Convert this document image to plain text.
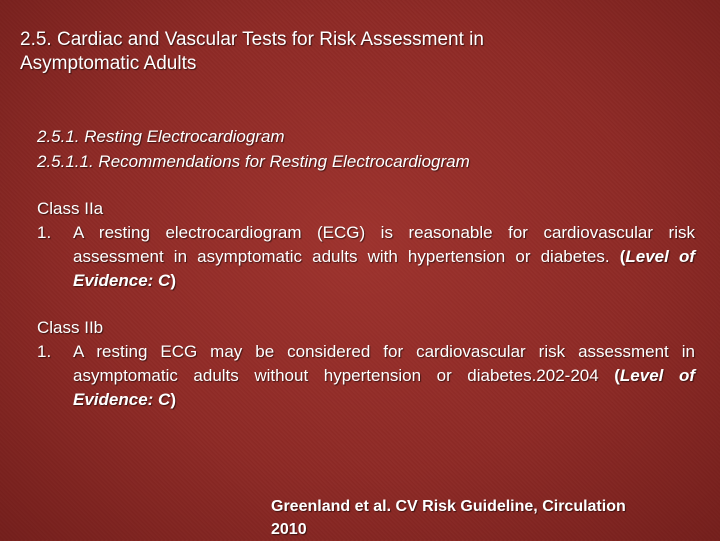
2.5. Cardiac and Vascular Tests for Risk Assessment in
Asymptomatic Adults
2.5.1. Resting Electrocardiogram
2.5.1.1. Recommendations for Resting Electrocardiogram
Class IIa
1.	A resting electrocardiogram (ECG) is reasonable for cardiovascular risk assessment in asymptomatic adults with hypertension or diabetes. (Level of Evidence: C)
Class IIb
1.	A resting ECG may be considered for cardiovascular risk assessment in asymptomatic adults without hypertension or diabetes.202-204 (Level of Evidence: C)
Greenland et al. CV Risk Guideline, Circulation
2010
